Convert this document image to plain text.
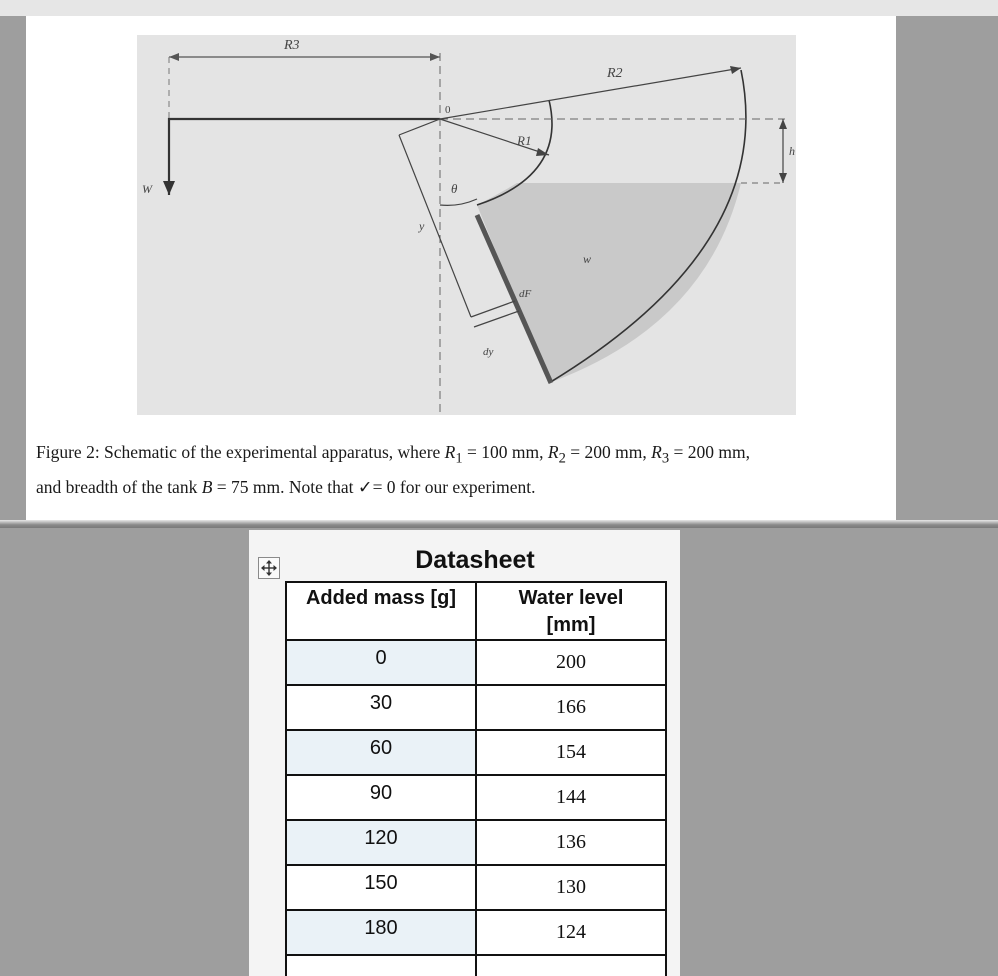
R3
R2
R1
h
W
0
θ
y
dF
dy
w
Figure 2: Schematic of the experimental apparatus, where $R_1 = 100$ mm, $R_2 = 200$ mm, $R_3 = 200$ mm,
and breadth of the tank B = 75 mm. Note that ✓= 0 for our experiment.
Datasheet
Added mass [g]	Water level
[mm]
0	200
30	166
60	154
90	144
120	136
150	130
180	124
